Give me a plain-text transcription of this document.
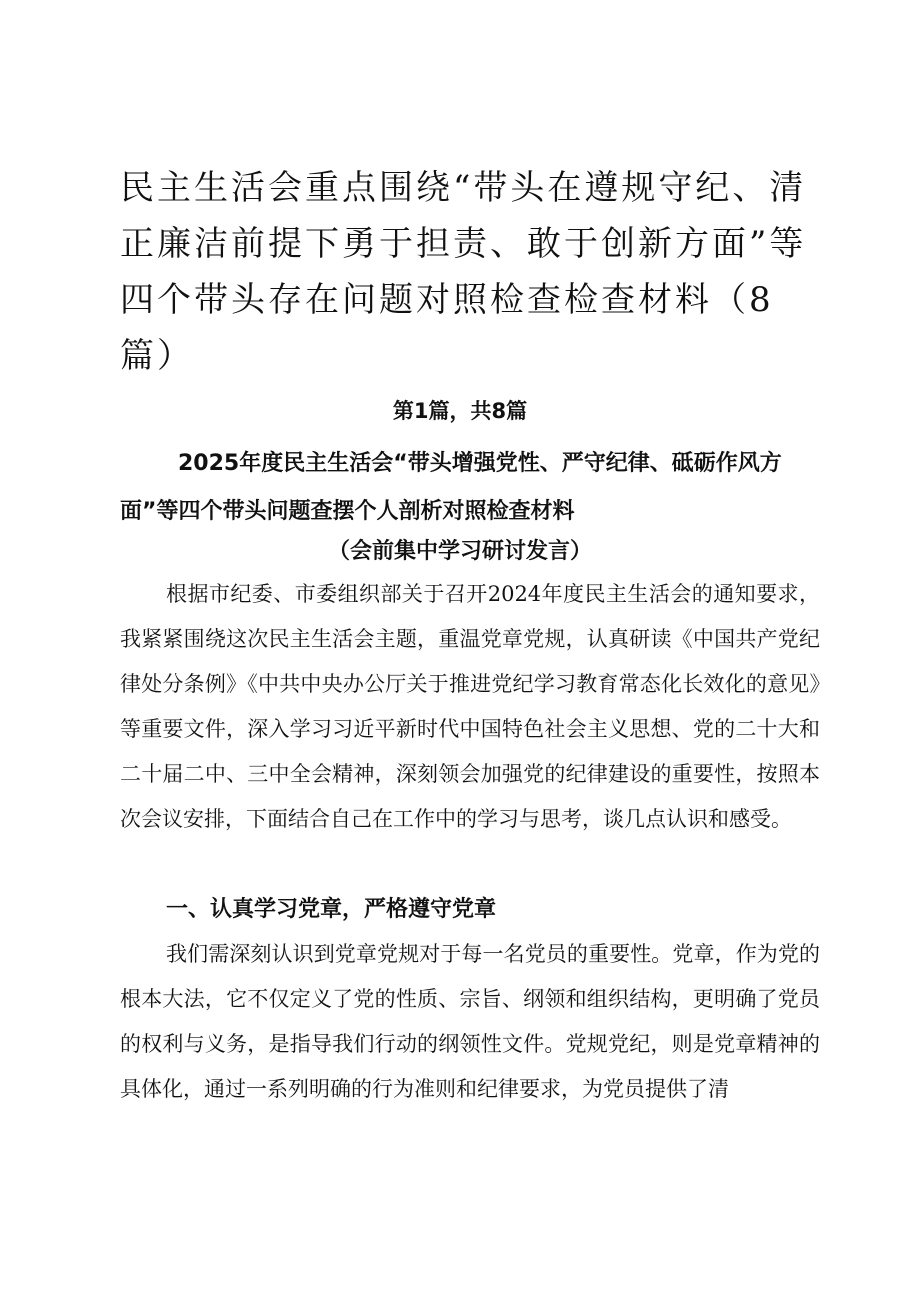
民主生活会重点围绕“带头在遵规守纪、清正廉洁前提下勇于担责、敢于创新方面”等四个带头存在问题对照检查检查材料（8篇）
第1篇，共8篇
2025年度民主生活会“带头增强党性、严守纪律、砥砺作风方面”等四个带头问题查摆个人剖析对照检查材料
（会前集中学习研讨发言）

根据市纪委、市委组织部关于召开2024年度民主生活会的通知要求，我紧紧围绕这次民主生活会主题，重温党章党规，认真研读《中国共产党纪律处分条例》《中共中央办公厅关于推进党纪学习教育常态化长效化的意见》等重要文件，深入学习习近平新时代中国特色社会主义思想、党的二十大和二十届二中、三中全会精神，深刻领会加强党的纪律建设的重要性，按照本次会议安排，下面结合自己在工作中的学习与思考，谈几点认识和感受。

一、认真学习党章，严格遵守党章

我们需深刻认识到党章党规对于每一名党员的重要性。党章，作为党的根本大法，它不仅定义了党的性质、宗旨、纲领和组织结构，更明确了党员的权利与义务，是指导我们行动的纲领性文件。党规党纪，则是党章精神的具体化，通过一系列明确的行为准则和纪律要求，为党员提供了清
